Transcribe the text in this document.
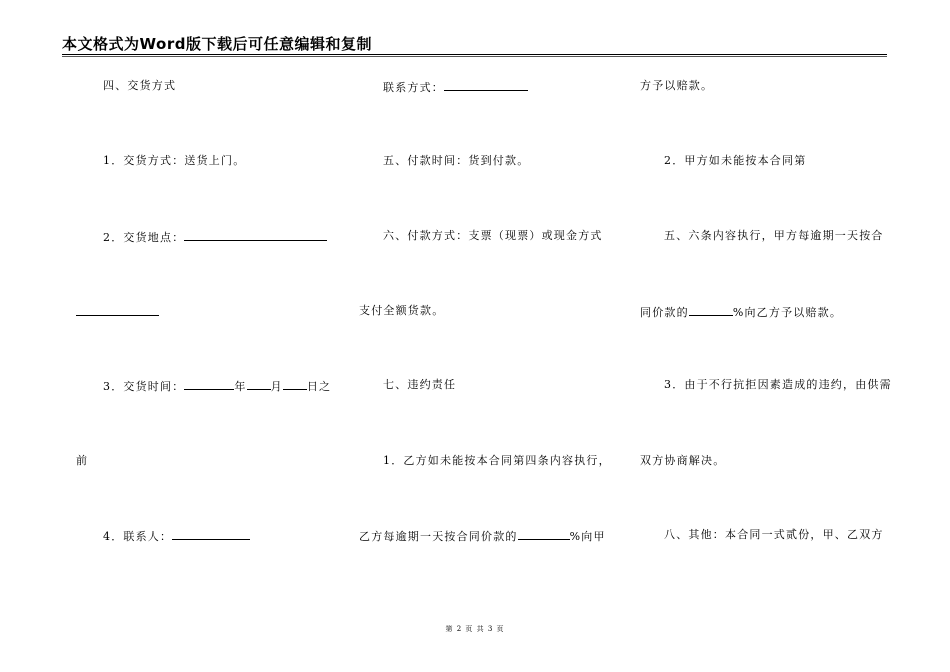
本文格式为Word版下载后可任意编辑和复制
四、交货方式
1．交货方式：送货上门。
2．交货地点：
3．交货时间：	年 月 日之
前
4．联系人：
联系方式：
五、付款时间：货到付款。
六、付款方式：支票（现票）或现金方式
支付全额货款。
七、违约责任
1．乙方如未能按本合同第四条内容执行，
乙方每逾期一天按合同价款的	%向甲
方予以赔款。
2．甲方如未能按本合同第
五、六条内容执行，甲方每逾期一天按合
同价款的	%向乙方予以赔款。
3．由于不行抗拒因素造成的违约，由供需
双方协商解决。
八、其他：本合同一式贰份，甲、乙双方
第 2 页 共 3 页
